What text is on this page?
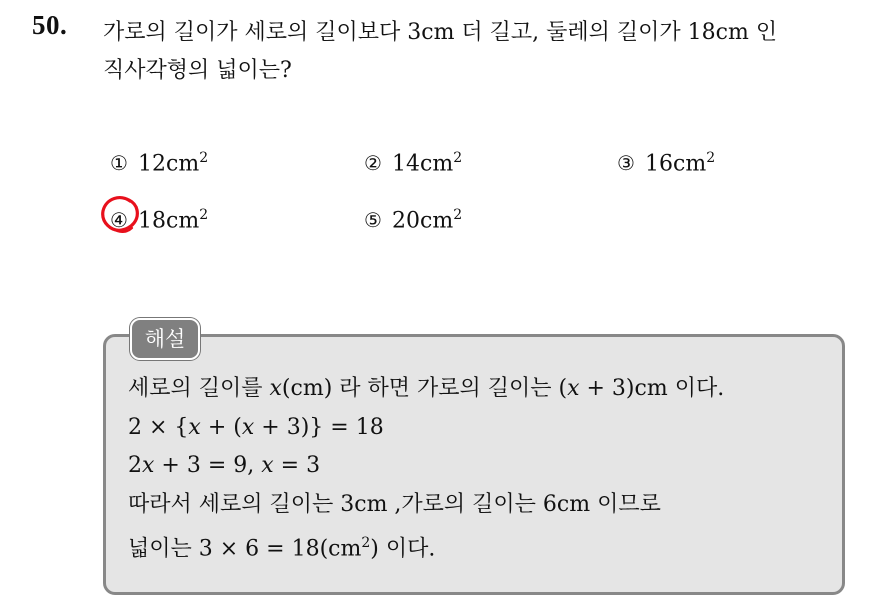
50. 가로의 길이가 세로의 길이보다 3cm 더 길고, 둘레의 길이가 18cm 인
직사각형의 넓이는?
① $12cm^2$	② $14cm^2$	③ $16cm^2$
④ $18cm^2$	⑤ $20cm^2$
해설
세로의 길이를 x(cm) 라 하면 가로의 길이는 (x + 3)cm 이다.
2 × {x + (x + 3)} = 18
2x + 3 = 9, x = 3
따라서 세로의 길이는 3cm ,가로의 길이는 6cm 이므로
넓이는 $3 \times 6 = 18(cm^2)$ 이다.
